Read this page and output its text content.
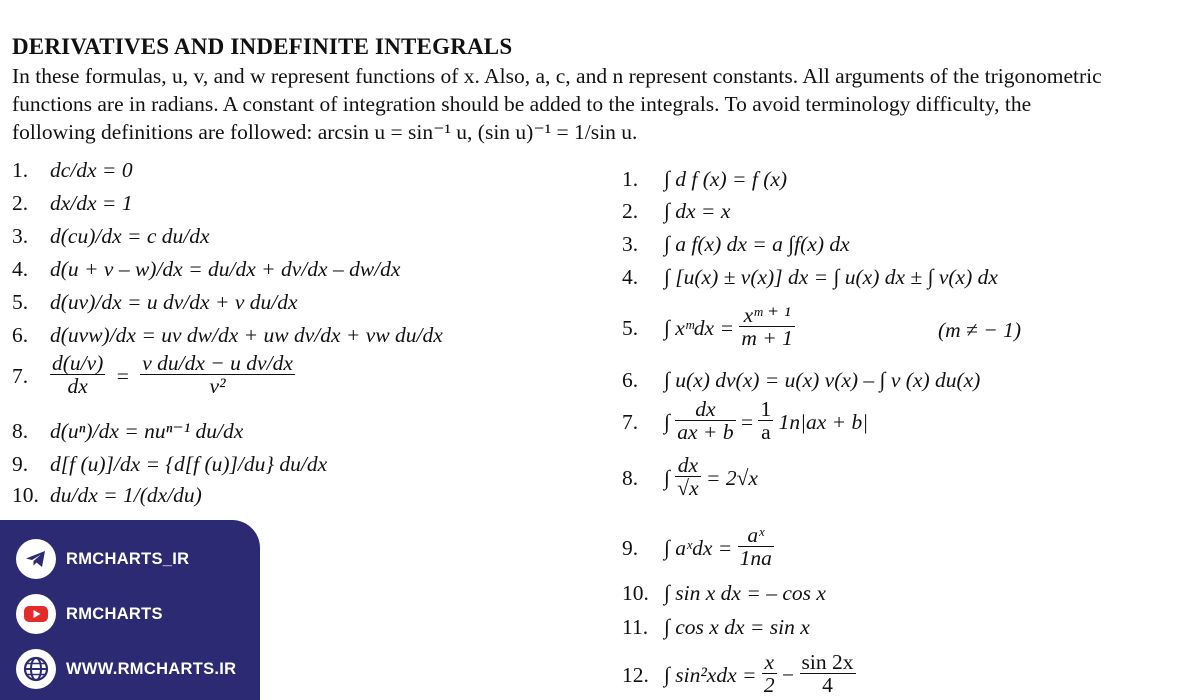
DERIVATIVES AND INDEFINITE INTEGRALS
In these formulas, u, v, and w represent functions of x. Also, a, c, and n represent constants. All arguments of the trigonometric
functions are in radians. A constant of integration should be added to the integrals. To avoid terminology difficulty, the
following definitions are followed: arcsin u = sin⁻¹ u, (sin u)⁻¹ = 1/sin u.
1. dc/dx = 0
2. dx/dx = 1
3. d(cu)/dx = c du/dx
4. d(u + v – w)/dx = du/dx + dv/dx – dw/dx
5. d(uv)/dx = u dv/dx + v du/dx
6. d(uvw)/dx = uv dw/dx + uw dv/dx + vw du/dx
7. $\frac{d(u/v)}{dx} = \frac{\text{v du/dx − u dv/dx}}{\text{v²}}$
8. d(uⁿ)/dx = nuⁿ⁻¹ du/dx
9. d[f (u)]/dx = {d[f (u)]/du} du/dx
10. du/dx = 1/(dx/du)
1. ∫ d f (x) = f (x)
2. ∫ dx = x
3. ∫ a f(x) dx = a ∫f(x) dx
4. ∫ [u(x) ± v(x)] dx = ∫ u(x) dx ± ∫ v(x) dx
5. ∫ xᵐdx = $\frac{\text{xᵐ ⁺ ¹}}{m + 1}$	(m ≠ − 1)
6. ∫ u(x) dv(x) = u(x) v(x) – ∫ v (x) du(x)
7. ∫ $\frac{dx}{ax + b} = \frac{1}{a} 1n|ax + b|$
8. ∫ $\frac{dx}{√x} = 2√x$
9. ∫ aˣdx = $\frac{\text{aˣ}}{1na}$
10. ∫ sin x dx = – cos x
11. ∫ cos x dx = sin x
12. ∫ $\sin^2xdx = \frac{x}{2} - \frac{\sin 2x}{4}$
RMCHARTS_IR
RMCHARTS
WWW.RMCHARTS.IR
